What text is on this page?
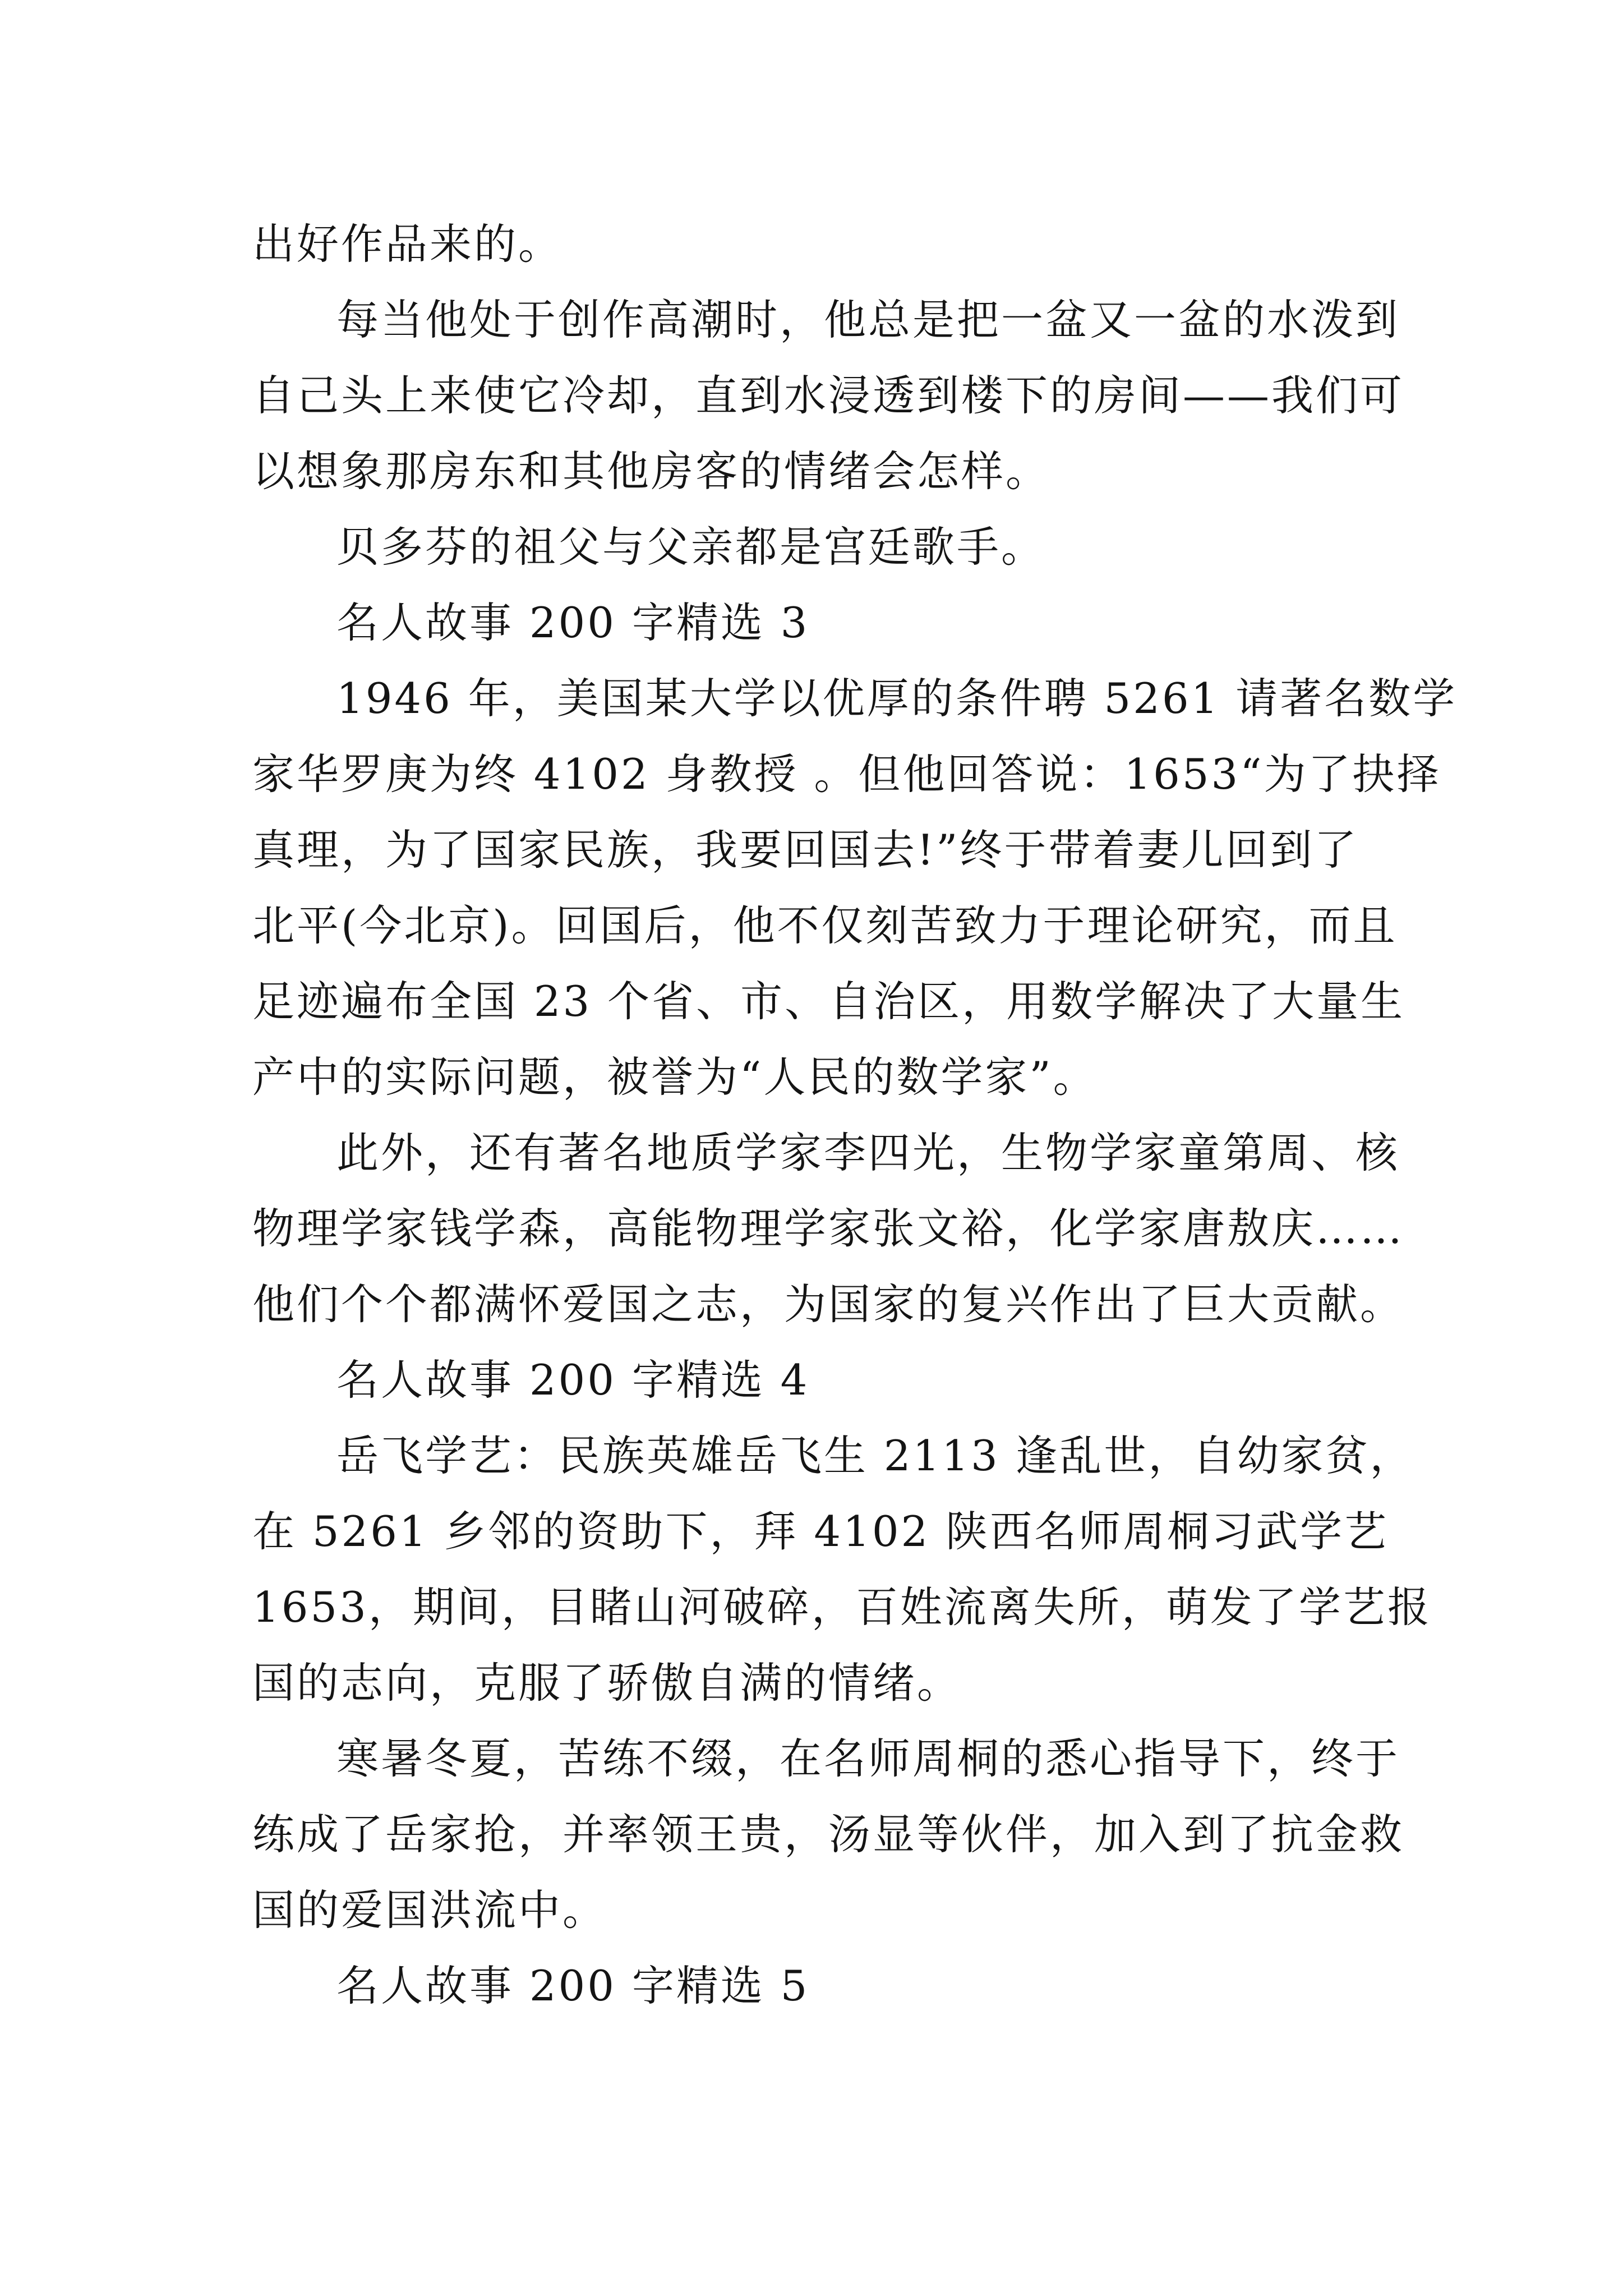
出好作品来的。

每当他处于创作高潮时，他总是把一盆又一盆的水泼到

自己头上来使它冷却，直到水浸透到楼下的房间——我们可

以想象那房东和其他房客的情绪会怎样。

贝多芬的祖父与父亲都是宫廷歌手。

名人故事 200 字精选 3

1946 年，美国某大学以优厚的条件聘 5261 请著名数学

家华罗庚为终 4102 身教授 。但他回答说：1653“为了抉择

真理，为了国家民族，我要回国去!”终于带着妻儿回到了

北平(今北京)。回国后，他不仅刻苦致力于理论研究，而且

足迹遍布全国 23 个省、市、自治区，用数学解决了大量生

产中的实际问题，被誉为“人民的数学家”。

此外，还有著名地质学家李四光，生物学家童第周、核

物理学家钱学森，高能物理学家张文裕，化学家唐敖庆……

他们个个都满怀爱国之志，为国家的复兴作出了巨大贡献。

名人故事 200 字精选 4

岳飞学艺：民族英雄岳飞生 2113 逢乱世，自幼家贫，

在 5261 乡邻的资助下，拜 4102 陕西名师周桐习武学艺

1653，期间，目睹山河破碎，百姓流离失所，萌发了学艺报

国的志向，克服了骄傲自满的情绪。

寒暑冬夏，苦练不缀，在名师周桐的悉心指导下，终于

练成了岳家抢，并率领王贵，汤显等伙伴，加入到了抗金救

国的爱国洪流中。

名人故事 200 字精选 5
